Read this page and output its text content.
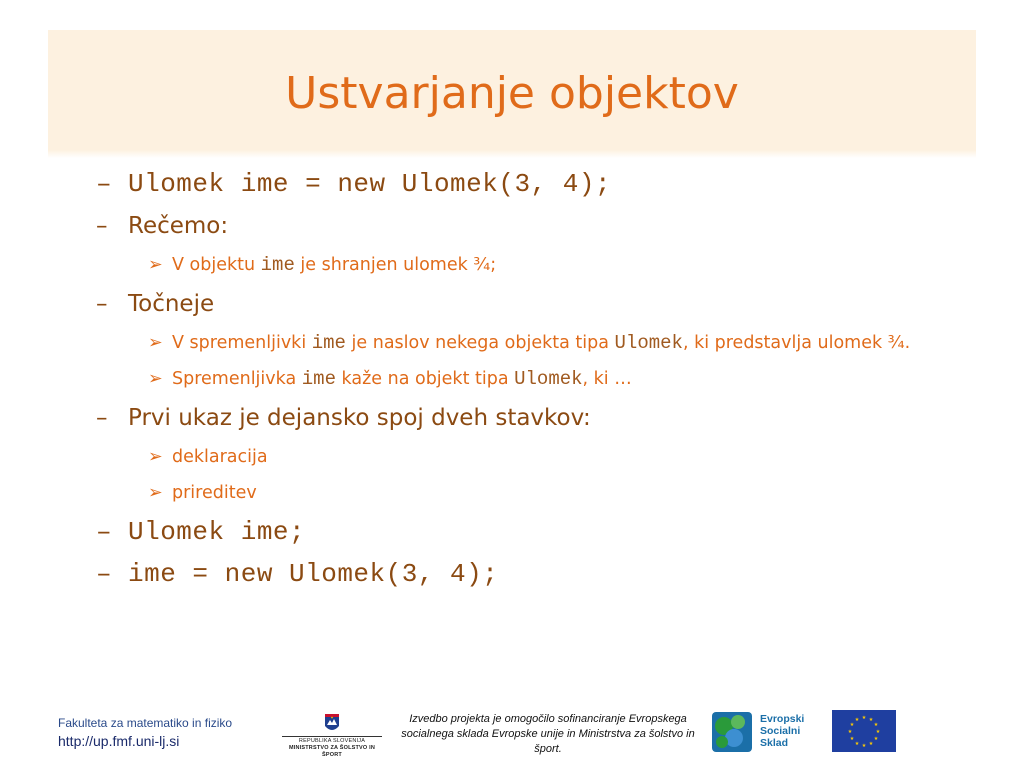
Ustvarjanje objektov
– Ulomek ime = new Ulomek(3, 4);
– Rečemo:
➢ V objektu ime je shranjen ulomek ¾;
– Točneje
➢ V spremenljivki ime je naslov nekega objekta tipa Ulomek, ki predstavlja ulomek ¾.
➢ Spremenljivka ime kaže na objekt tipa Ulomek, ki …
– Prvi ukaz je dejansko spoj dveh stavkov:
➢ deklaracija
➢ prireditev
– Ulomek ime;
– ime = new Ulomek(3, 4);
Fakulteta za matematiko in fiziko
http://up.fmf.uni-lj.si	REPUBLIKA SLOVENIJA
MINISTRSTVO ZA ŠOLSTVO IN ŠPORT
Izvedbo projekta je omogočilo sofinanciranje Evropskega socialnega sklada Evropske unije in Ministrstva za šolstvo in šport.
Evropski
Socialni
Sklad
★ ★
★
★
★
★
★
★
★
★
★
★
